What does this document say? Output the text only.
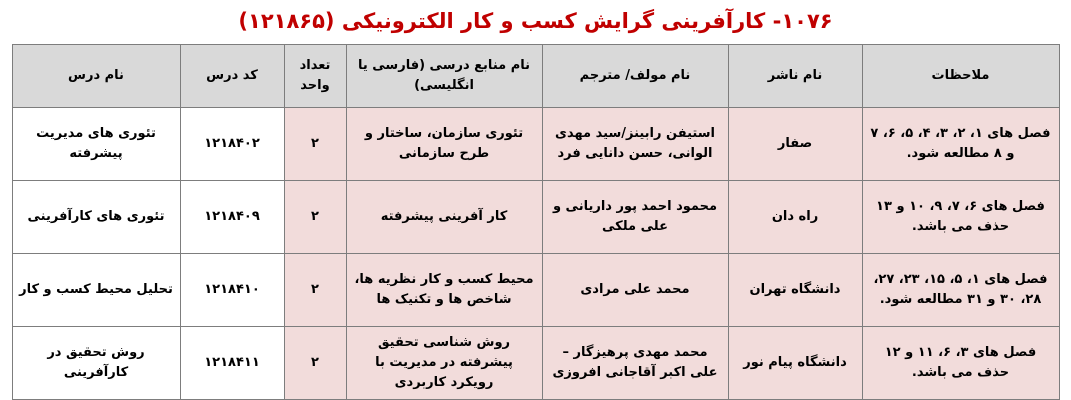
۱۰۷۶- کارآفرینی گرایش کسب و کار الکترونیکی (۱۲۱۸۶۵)
ملاحظات	نام ناشر	نام مولف/ مترجم	نام منابع درسی (فارسی یا انگلیسی)	تعداد واحد	کد درس	نام درس
فصل های ۱، ۲، ۳، ۴، ۵، ۶، ۷ و ۸ مطالعه شود.	صفار	استیفن رابینز/سید مهدی الوانی، حسن دانایی فرد	تئوری سازمان، ساختار و طرح سازمانی	۲	۱۲۱۸۴۰۲	تئوری های مدیریت پیشرفته
فصل های ۶، ۷، ۹، ۱۰ و ۱۳ حذف می باشد.	راه دان	محمود احمد پور داریانی و علی ملکی	کار آفرینی پیشرفته	۲	۱۲۱۸۴۰۹	تئوری های کارآفرینی
فصل های ۱، ۵، ۱۵، ۲۳، ۲۷، ۲۸، ۳۰ و ۳۱ مطالعه شود.	دانشگاه تهران	محمد علی مرادی	محیط کسب و کار نظریه ها، شاخص ها و تکنیک ها	۲	۱۲۱۸۴۱۰	تحلیل محیط کسب و کار
فصل های ۳، ۶، ۱۱ و ۱۲ حذف می باشد.	دانشگاه پیام نور	محمد مهدی پرهیزگار – علی اکبر آقاجانی افروزی	روش شناسی تحقیق پیشرفته در مدیریت با رویکرد کاربردی	۲	۱۲۱۸۴۱۱	روش تحقیق در کارآفرینی
